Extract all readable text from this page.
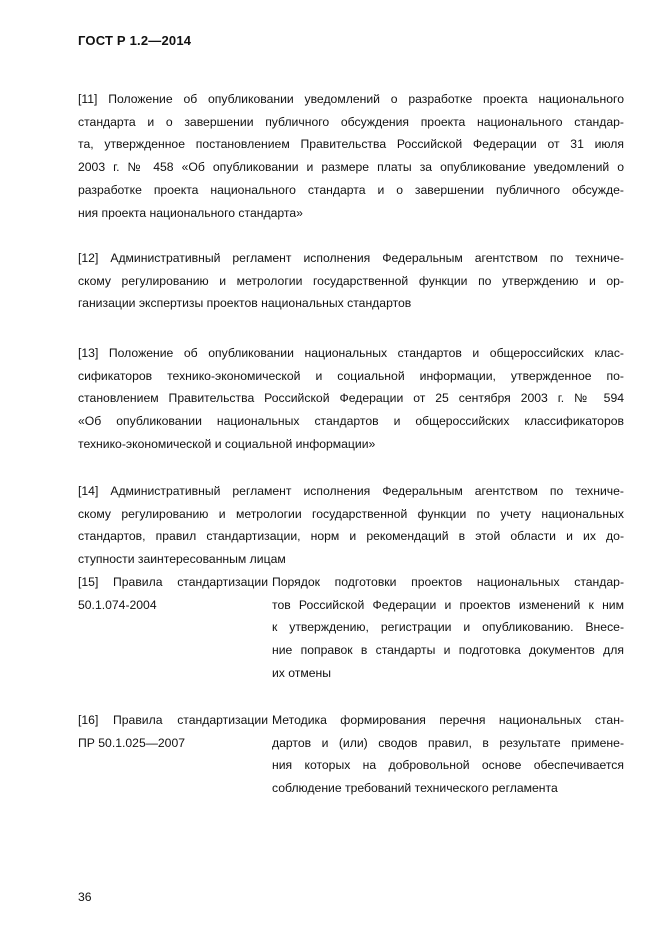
ГОСТ Р 1.2—2014
[11] Положение об опубликовании уведомлений о разработке проекта национального
стандарта и о завершении публичного обсуждения проекта национального стандар-
та, утвержденное постановлением Правительства Российской Федерации от 31 июля
2003 г. № 458 «Об опубликовании и размере платы за опубликование уведомлений о
разработке проекта национального стандарта и о завершении публичного обсужде-
ния проекта национального стандарта»
[12] Административный регламент исполнения Федеральным агентством по техниче-
скому регулированию и метрологии государственной функции по утверждению и ор-
ганизации экспертизы проектов национальных стандартов
[13] Положение об опубликовании национальных стандартов и общероссийских клас-
сификаторов технико-экономической и социальной информации, утвержденное по-
становлением Правительства Российской Федерации от 25 сентября 2003 г. № 594
«Об опубликовании национальных стандартов и общероссийских классификаторов
технико-экономической и социальной информации»
[14] Административный регламент исполнения Федеральным агентством по техниче-
скому регулированию и метрологии государственной функции по учету национальных
стандартов, правил стандартизации, норм и рекомендаций в этой области и их до-
ступности заинтересованным лицам
[15] Правила стандартизации
50.1.074-2004
Порядок подготовки проектов национальных стандар-
тов Российской Федерации и проектов изменений к ним
к утверждению, регистрации и опубликованию. Внесе-
ние поправок в стандарты и подготовка документов для
их отмены
[16] Правила стандартизации
ПР 50.1.025—2007
Методика формирования перечня национальных стан-
дартов и (или) сводов правил, в результате примене-
ния которых на добровольной основе обеспечивается
соблюдение требований технического регламента
36
